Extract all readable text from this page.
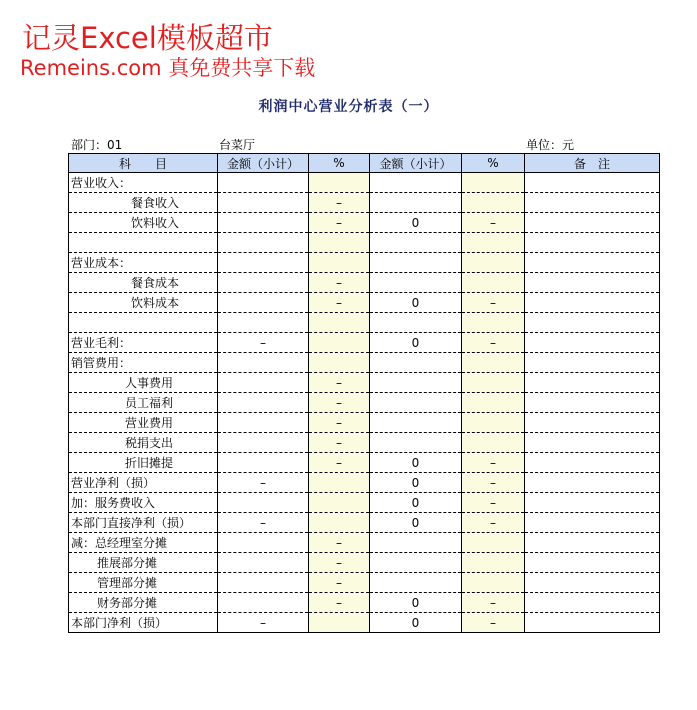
记灵Excel模板超市
Remeins.com 真免费共享下载
利润中心营业分析表（一）
部门：01	台菜厅	单位：元
科　　目	金额（小计）	%	金额（小计）	%	备　注
营业收入：					
餐食收入		–			
饮料收入		–	0	–	

营业成本：					
餐食成本		–			
饮料成本		–	0	–	

营业毛利：	–		0	–	
销管费用：					
人事费用		–			
员工福利		–			
营业费用		–			
税捐支出		–			
折旧摊提		–	0	–	
营业净利（损）	–		0	–	
加：服务费收入			0	–	
本部门直接净利（损）	–		0	–	
减：总经理室分摊		–			
推展部分摊		–			
管理部分摊		–			
财务部分摊		–	0	–	
本部门净利（损）	–		0	–	
